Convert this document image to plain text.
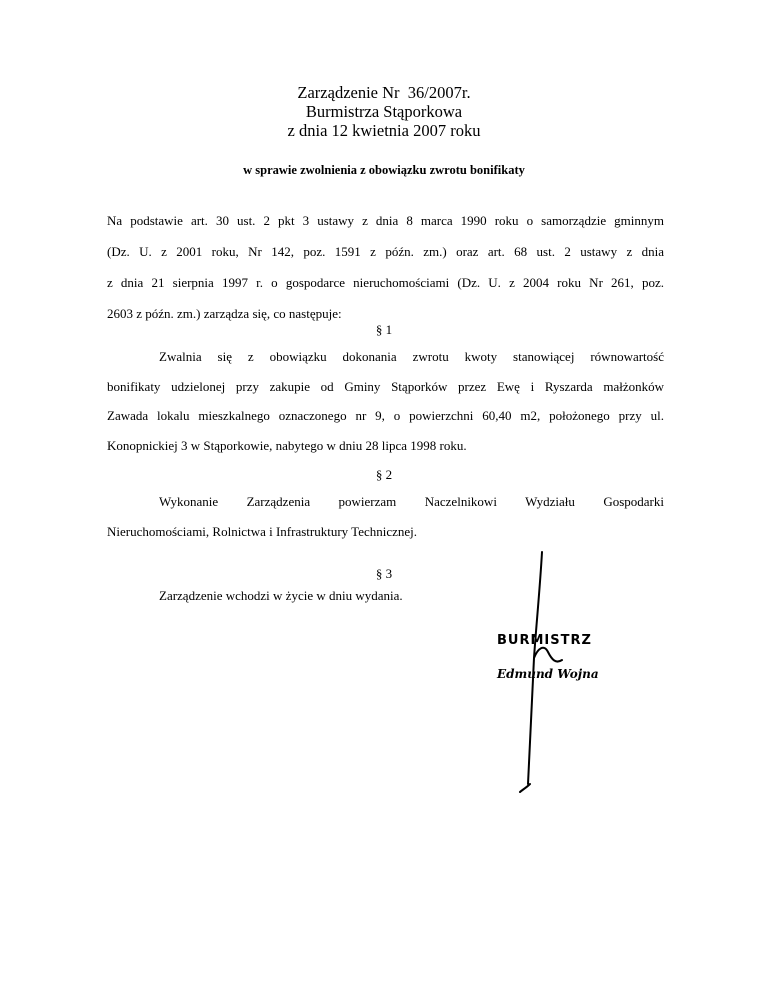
Zarządzenie Nr  36/2007r.
Burmistrza Stąporkowa
z dnia 12 kwietnia 2007 roku
w sprawie zwolnienia z obowiązku zwrotu bonifikaty
Na podstawie art. 30 ust. 2 pkt 3 ustawy z dnia 8 marca 1990 roku o samorządzie gminnym
(Dz. U. z 2001 roku, Nr 142, poz. 1591 z późn. zm.) oraz art. 68 ust. 2 ustawy z dnia
z dnia 21 sierpnia 1997 r. o gospodarce nieruchomościami (Dz. U. z 2004 roku Nr 261, poz.
2603 z późn. zm.) zarządza się, co następuje:
§ 1
Zwalnia się z obowiązku dokonania zwrotu kwoty stanowiącej równowartość
bonifikaty udzielonej przy zakupie od Gminy Stąporków przez Ewę i Ryszarda małżonków
Zawada lokalu mieszkalnego oznaczonego nr 9, o powierzchni 60,40 m2, położonego przy ul.
Konopnickiej 3 w Stąporkowie, nabytego w dniu 28 lipca 1998 roku.
§ 2
Wykonanie Zarządzenia powierzam Naczelnikowi Wydziału Gospodarki
Nieruchomościami, Rolnictwa i Infrastruktury Technicznej.
§ 3
Zarządzenie wchodzi w życie w dniu wydania.
BURMISTRZ
Edmund Wojna
